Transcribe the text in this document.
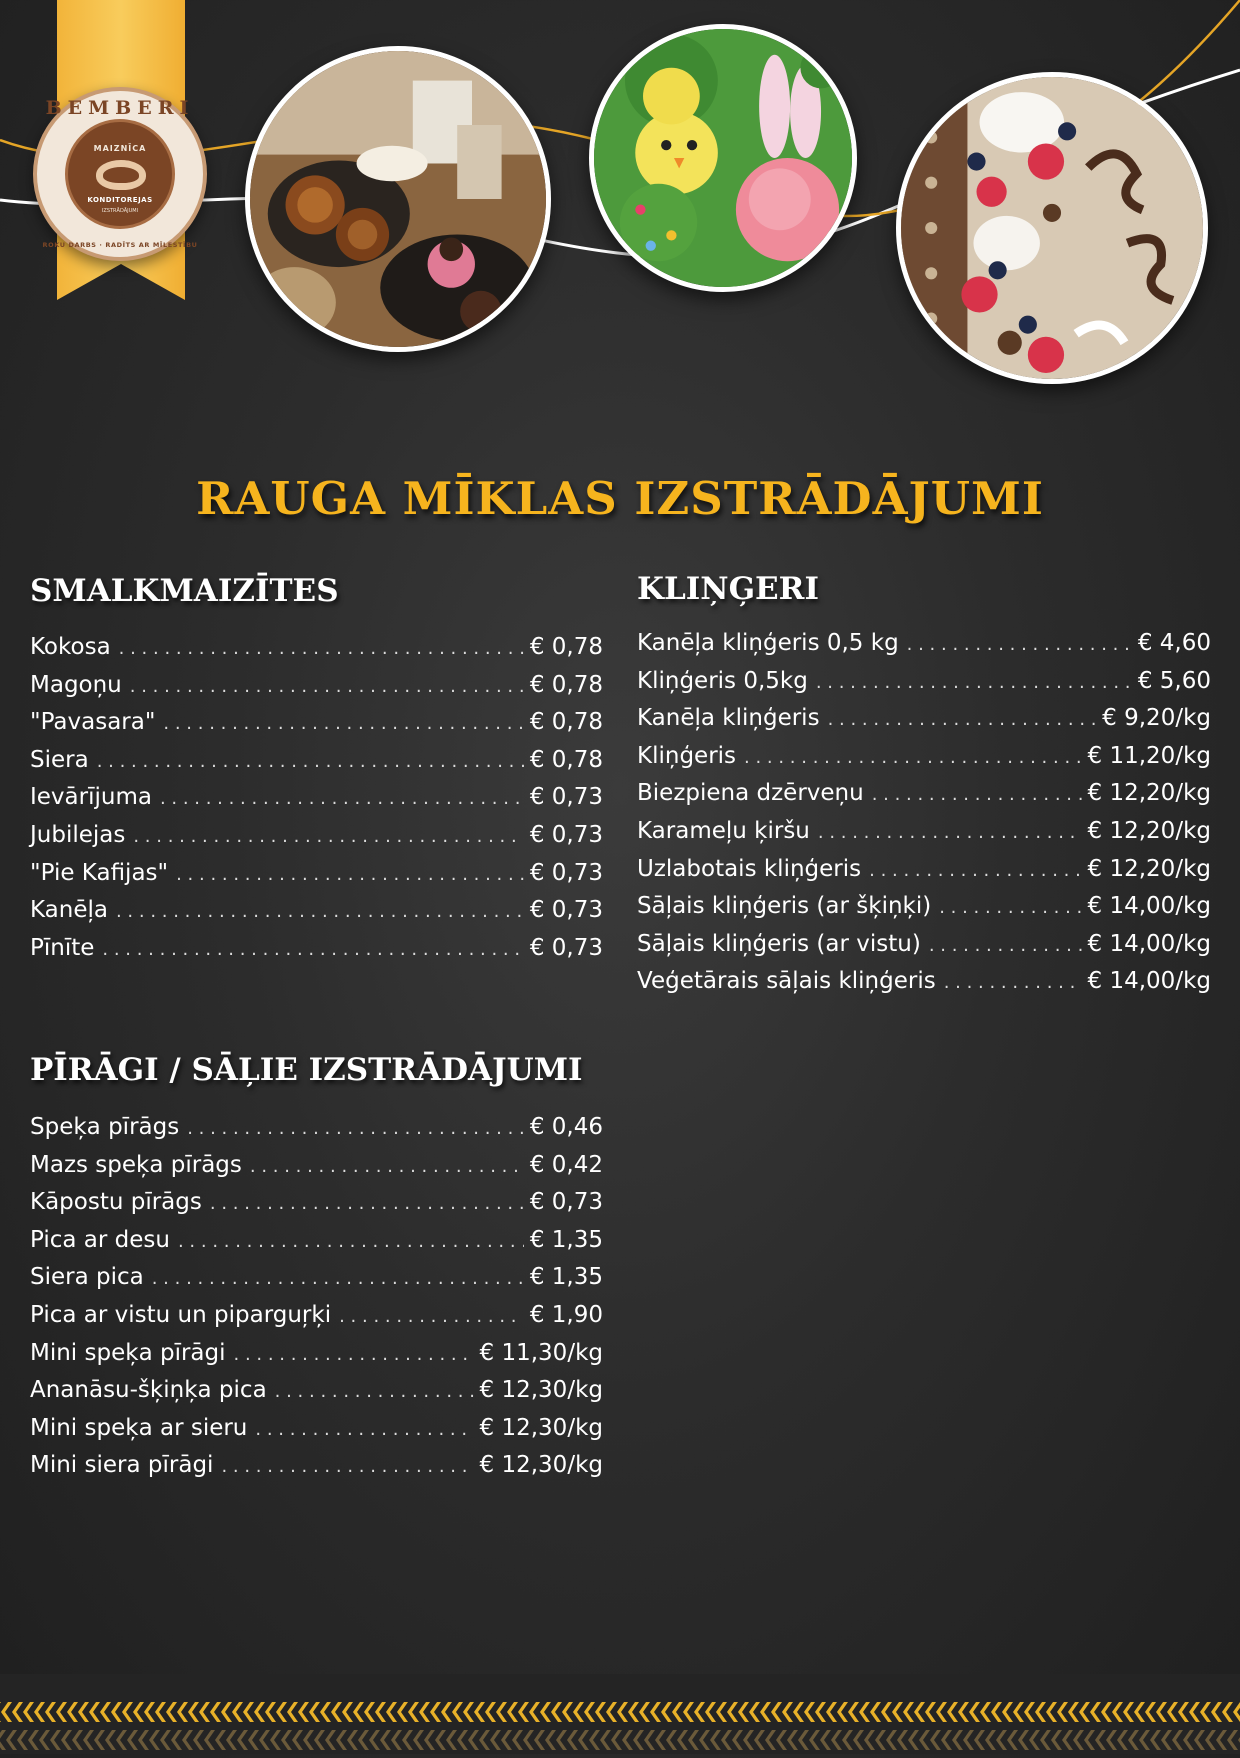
BEMBERI
MAIZNĪCA
KONDITOREJAS
IZSTRĀDĀJUMI
ROKU DARBS · RADĪTS AR MĪLESTĪBU
RAUGA MĪKLAS IZSTRĀDĀJUMI
SMALKMAIZĪTES
Kokosa . . .	€ 0,78
Magoņu . . .	€ 0,78
"Pavasara" . . .	€ 0,78
Siera . . .	€ 0,78
Ievārījuma . . .	€ 0,73
Jubilejas . . .	€ 0,73
"Pie Kafijas" . . .	€ 0,73
Kanēļa . . .	€ 0,73
Pīnīte . . .	€ 0,73
KLIŅĢERI
Kanēļa kliņģeris 0,5 kg . . .	€ 4,60
Kliņģeris 0,5kg . . .	€ 5,60
Kanēļa kliņģeris . . .	€ 9,20/kg
Kliņģeris . . .	€ 11,20/kg
Biezpiena dzērveņu . . .	€ 12,20/kg
Karameļu ķiršu . . .	€ 12,20/kg
Uzlabotais kliņģeris . . .	€ 12,20/kg
Sāļais kliņģeris (ar šķiņķi) . . .	€ 14,00/kg
Sāļais kliņģeris (ar vistu) . . .	€ 14,00/kg
Veģetārais sāļais kliņģeris . . .	€ 14,00/kg
PĪRĀGI / SĀĻIE IZSTRĀDĀJUMI
Speķa pīrāgs . . .	€ 0,46
Mazs speķa pīrāgs . . .	€ 0,42
Kāpostu pīrāgs . . .	€ 0,73
Pica ar desu . . .	€ 1,35
Siera pica . . .	€ 1,35
Pica ar vistu un piparguŗķi . . .	€ 1,90
Mini speķa pīrāgi . . .	€ 11,30/kg
Ananāsu-šķiņķa pica . . .	€ 12,30/kg
Mini speķa ar sieru . . .	€ 12,30/kg
Mini siera pīrāgi . . .	€ 12,30/kg
